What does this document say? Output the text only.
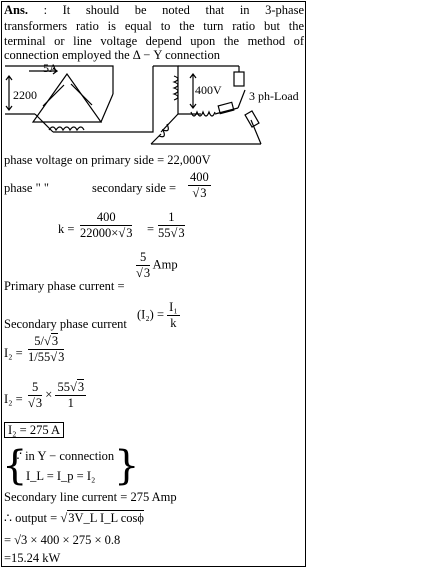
Ans. : It should be noted that in 3-phase
transformers ratio is equal to the turn ratio but the
terminal or line voltage depend upon the method of
connection employed the Δ − Y connection
5A
2200	400V 3 ph-Load
phase voltage on primary side = 22,000V
phase " "	secondary side = $\frac{400}{√3}$
$k = \frac{400}{22000\times√3} = \frac{1}{55√3}$
$\frac{5}{√3}$ Amp
Primary phase current =
$(I_2) = \frac{\text{I₁}}{k}$
Secondary phase current
$I_2 = \frac{5/√3}{1/55√3}$
$I_2 = \frac{5}{√3} \times \frac{55√3}{1}$
I₂ = 275 A
{
∵ in Y − connection
I_L = I_p = I₂ }
Secondary line current = 275 Amp
∴ output = √3V_L I_L cosϕ
= √3 × 400 × 275 × 0.8
=15.24 kW
